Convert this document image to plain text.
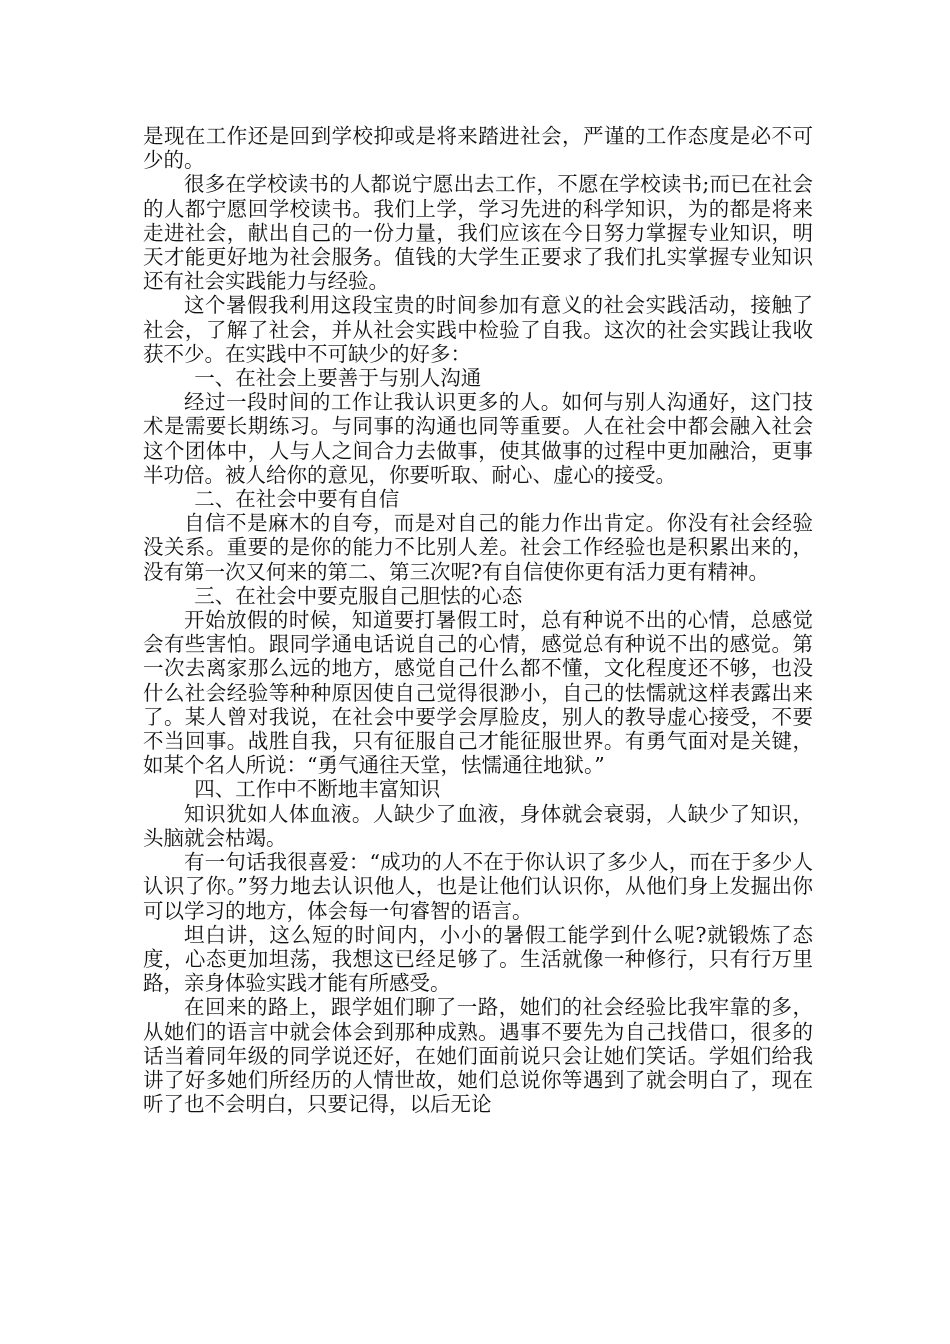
是现在工作还是回到学校抑或是将来踏进社会，严谨的工作态度是必不可少的。

很多在学校读书的人都说宁愿出去工作，不愿在学校读书;而已在社会的人都宁愿回学校读书。我们上学，学习先进的科学知识，为的都是将来走进社会，献出自己的一份力量，我们应该在今日努力掌握专业知识，明天才能更好地为社会服务。值钱的大学生正要求了我们扎实掌握专业知识还有社会实践能力与经验。

这个暑假我利用这段宝贵的时间参加有意义的社会实践活动，接触了社会，了解了社会，并从社会实践中检验了自我。这次的社会实践让我收获不少。在实践中不可缺少的好多：

一、在社会上要善于与别人沟通

经过一段时间的工作让我认识更多的人。如何与别人沟通好，这门技术是需要长期练习。与同事的沟通也同等重要。人在社会中都会融入社会这个团体中，人与人之间合力去做事，使其做事的过程中更加融洽，更事半功倍。被人给你的意见，你要听取、耐心、虚心的接受。

二、在社会中要有自信

自信不是麻木的自夸，而是对自己的能力作出肯定。你没有社会经验没关系。重要的是你的能力不比别人差。社会工作经验也是积累出来的，没有第一次又何来的第二、第三次呢?有自信使你更有活力更有精神。

三、在社会中要克服自己胆怯的心态

开始放假的时候，知道要打暑假工时，总有种说不出的心情，总感觉会有些害怕。跟同学通电话说自己的心情，感觉总有种说不出的感觉。第一次去离家那么远的地方，感觉自己什么都不懂，文化程度还不够，也没什么社会经验等种种原因使自己觉得很渺小，自己的怯懦就这样表露出来了。某人曾对我说，在社会中要学会厚脸皮，别人的教导虚心接受，不要不当回事。战胜自我，只有征服自己才能征服世界。有勇气面对是关键，如某个名人所说：“勇气通往天堂，怯懦通往地狱。”

四、工作中不断地丰富知识

知识犹如人体血液。人缺少了血液，身体就会衰弱，人缺少了知识，头脑就会枯竭。

有一句话我很喜爱：“成功的人不在于你认识了多少人，而在于多少人认识了你。”努力地去认识他人，也是让他们认识你，从他们身上发掘出你可以学习的地方，体会每一句睿智的语言。

坦白讲，这么短的时间内，小小的暑假工能学到什么呢?就锻炼了态度，心态更加坦荡，我想这已经足够了。生活就像一种修行，只有行万里路，亲身体验实践才能有所感受。

在回来的路上，跟学姐们聊了一路，她们的社会经验比我牢靠的多，从她们的语言中就会体会到那种成熟。遇事不要先为自己找借口，很多的话当着同年级的同学说还好，在她们面前说只会让她们笑话。学姐们给我讲了好多她们所经历的人情世故，她们总说你等遇到了就会明白了，现在听了也不会明白，只要记得，以后无论
